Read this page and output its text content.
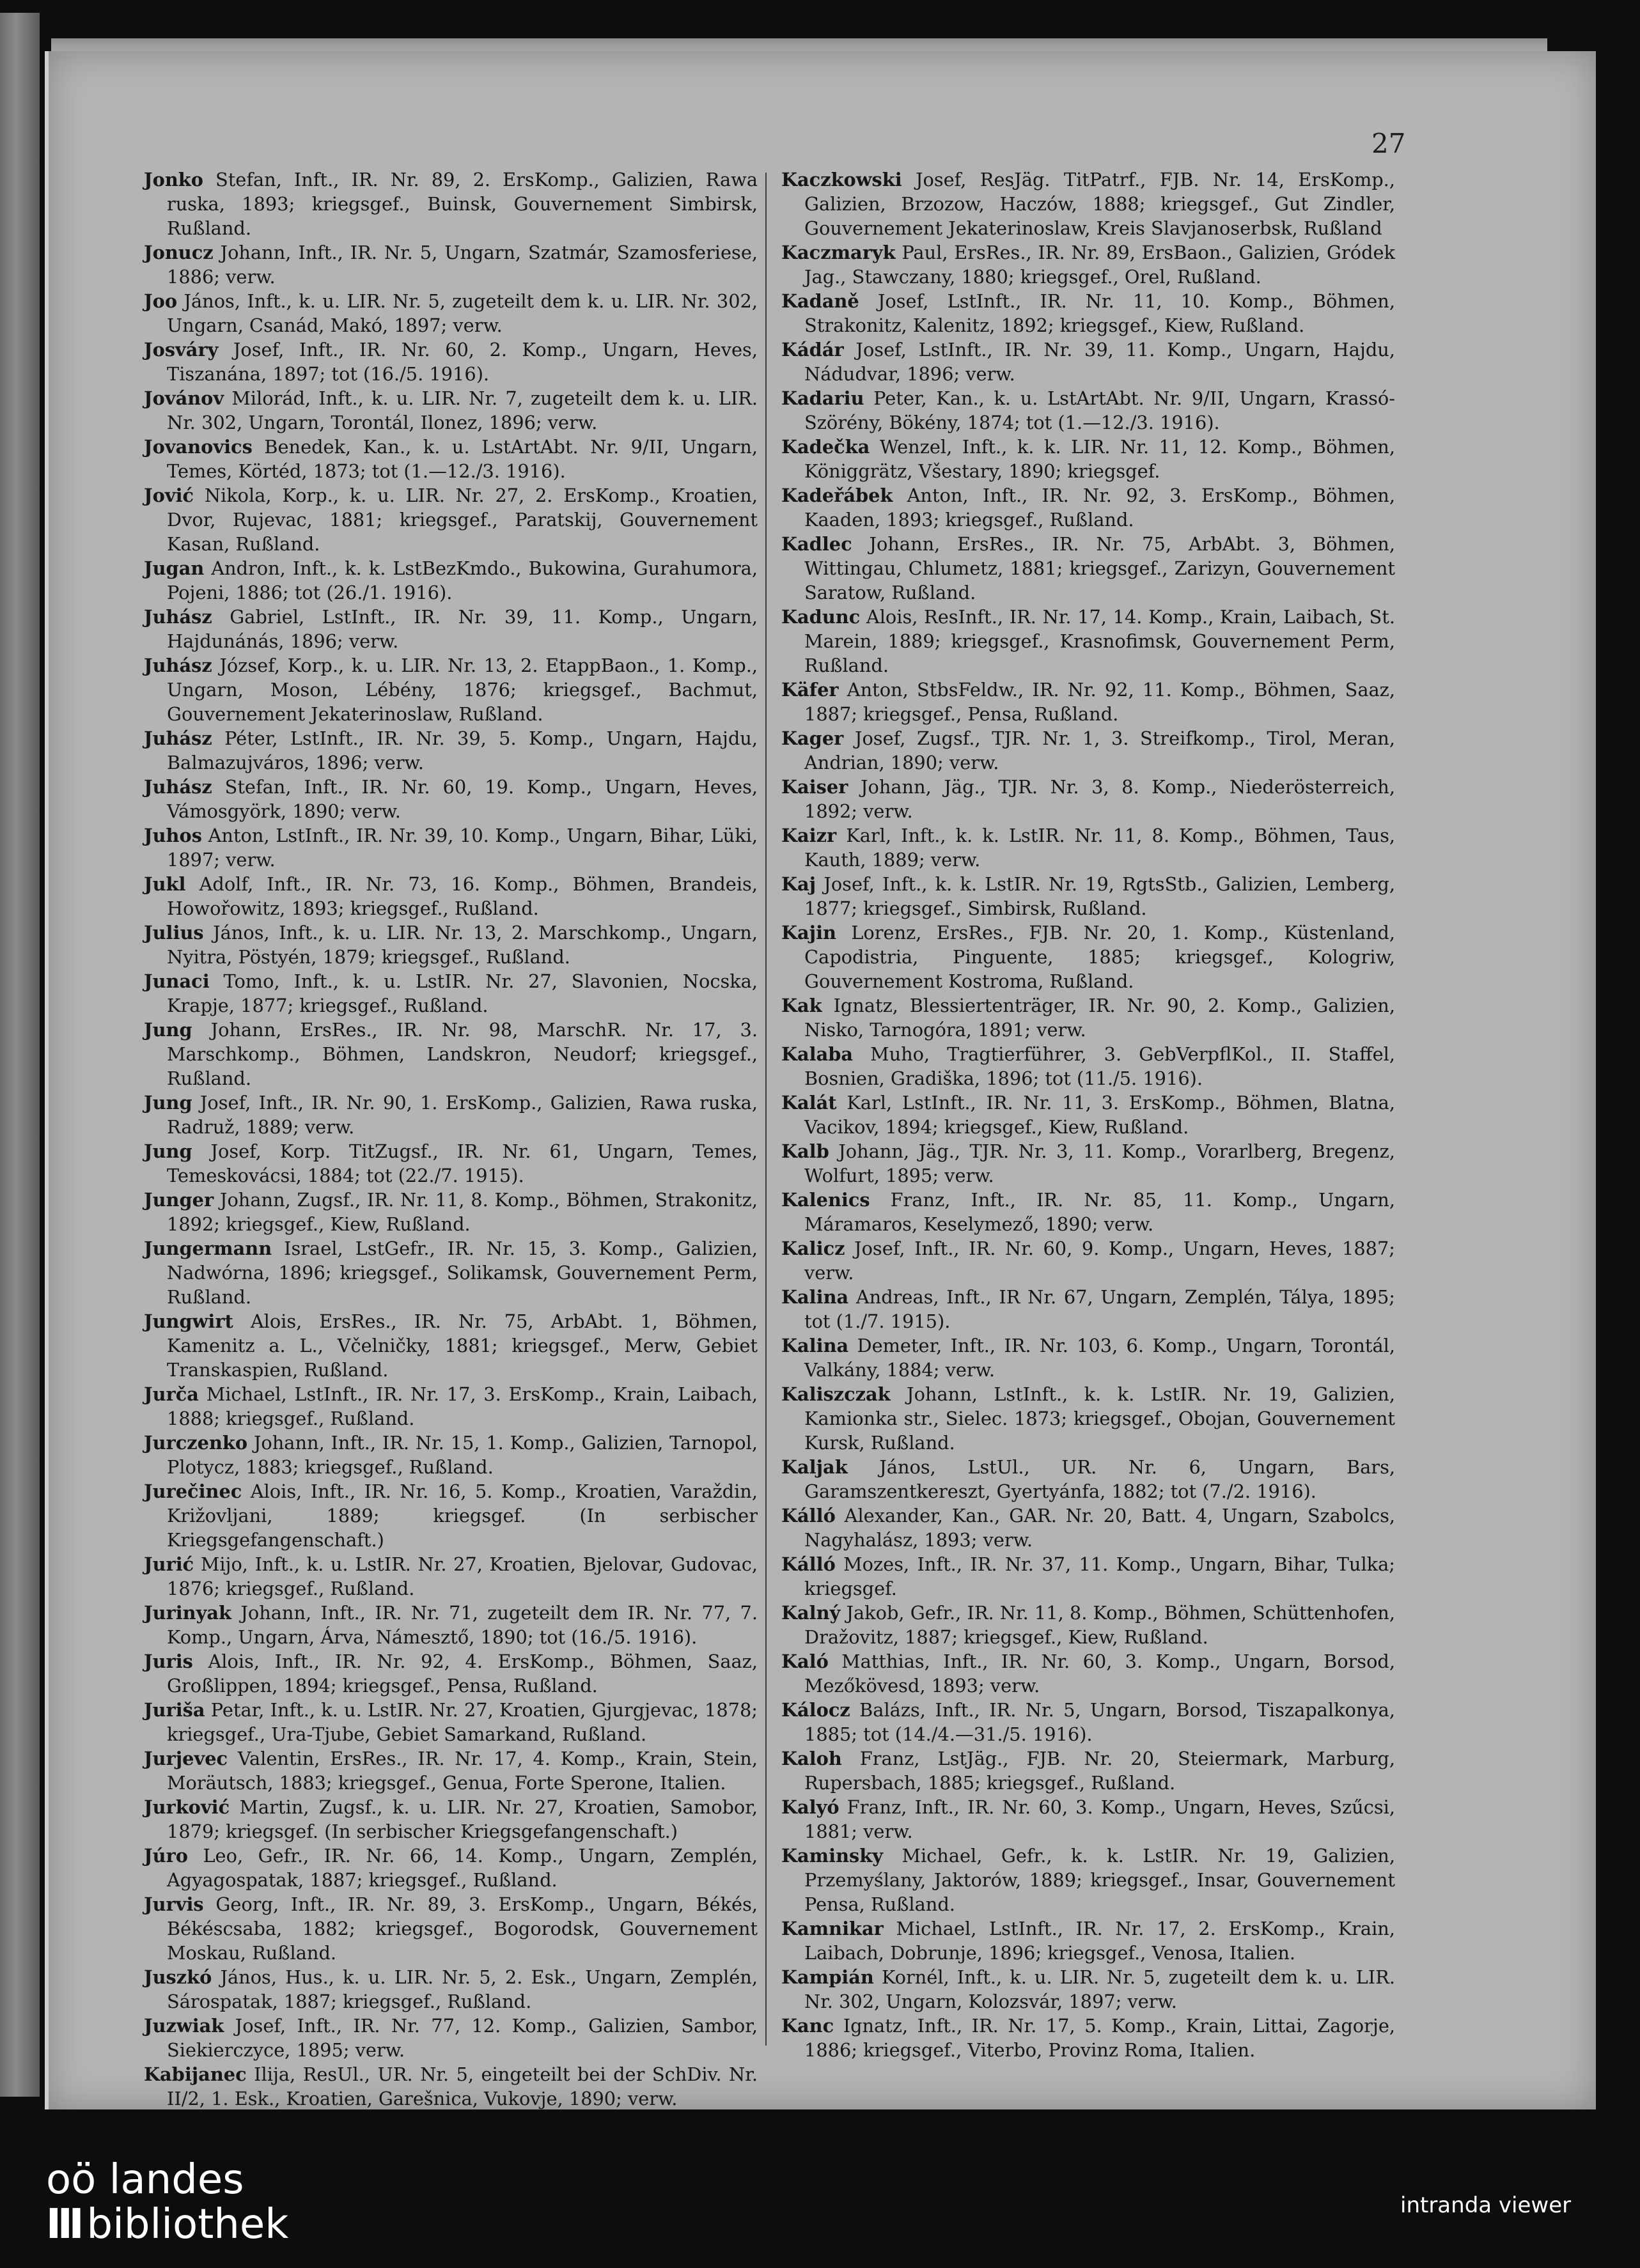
27

Jonko Stefan, Inft., IR. Nr. 89, 2. ErsKomp., Galizien, Rawa ruska, 1893; kriegsgef., Buinsk, Gouvernement Simbirsk, Rußland.

Jonucz Johann, Inft., IR. Nr. 5, Ungarn, Szatmár, Szamosferiese, 1886; verw.

Joo János, Inft., k. u. LIR. Nr. 5, zugeteilt dem k. u. LIR. Nr. 302, Ungarn, Csanád, Makó, 1897; verw.

Josváry Josef, Inft., IR. Nr. 60, 2. Komp., Ungarn, Heves, Tiszanána, 1897; tot (16./5. 1916).

Jovánov Milorád, Inft., k. u. LIR. Nr. 7, zugeteilt dem k. u. LIR. Nr. 302, Ungarn, Torontál, Ilonez, 1896; verw.

Jovanovics Benedek, Kan., k. u. LstArtAbt. Nr. 9/II, Ungarn, Temes, Körtéd, 1873; tot (1.—12./3. 1916).

Jović Nikola, Korp., k. u. LIR. Nr. 27, 2. ErsKomp., Kroatien, Dvor, Rujevac, 1881; kriegsgef., Paratskij, Gouvernement Kasan, Rußland.

Jugan Andron, Inft., k. k. LstBezKmdo., Bukowina, Gurahumora, Pojeni, 1886; tot (26./1. 1916).

Juhász Gabriel, LstInft., IR. Nr. 39, 11. Komp., Ungarn, Hajdunánás, 1896; verw.

Juhász József, Korp., k. u. LIR. Nr. 13, 2. EtappBaon., 1. Komp., Ungarn, Moson, Lébény, 1876; kriegsgef., Bachmut, Gouvernement Jekaterinoslaw, Rußland.

Juhász Péter, LstInft., IR. Nr. 39, 5. Komp., Ungarn, Hajdu, Balmazujváros, 1896; verw.

Juhász Stefan, Inft., IR. Nr. 60, 19. Komp., Ungarn, Heves, Vámosgyörk, 1890; verw.

Juhos Anton, LstInft., IR. Nr. 39, 10. Komp., Ungarn, Bihar, Lüki, 1897; verw.

Jukl Adolf, Inft., IR. Nr. 73, 16. Komp., Böhmen, Brandeis, Howořowitz, 1893; kriegsgef., Rußland.

Julius János, Inft., k. u. LIR. Nr. 13, 2. Marschkomp., Ungarn, Nyitra, Pöstyén, 1879; kriegsgef., Rußland.

Junaci Tomo, Inft., k. u. LstIR. Nr. 27, Slavonien, Nocska, Krapje, 1877; kriegsgef., Rußland.

Jung Johann, ErsRes., IR. Nr. 98, MarschR. Nr. 17, 3. Marschkomp., Böhmen, Landskron, Neudorf; kriegsgef., Rußland.

Jung Josef, Inft., IR. Nr. 90, 1. ErsKomp., Galizien, Rawa ruska, Radruž, 1889; verw.

Jung Josef, Korp. TitZugsf., IR. Nr. 61, Ungarn, Temes, Temeskovácsi, 1884; tot (22./7. 1915).

Junger Johann, Zugsf., IR. Nr. 11, 8. Komp., Böhmen, Strakonitz, 1892; kriegsgef., Kiew, Rußland.

Jungermann Israel, LstGefr., IR. Nr. 15, 3. Komp., Galizien, Nadwórna, 1896; kriegsgef., Solikamsk, Gouvernement Perm, Rußland.

Jungwirt Alois, ErsRes., IR. Nr. 75, ArbAbt. 1, Böhmen, Kamenitz a. L., Včelničky, 1881; kriegsgef., Merw, Gebiet Transkaspien, Rußland.

Jurča Michael, LstInft., IR. Nr. 17, 3. ErsKomp., Krain, Laibach, 1888; kriegsgef., Rußland.

Jurczenko Johann, Inft., IR. Nr. 15, 1. Komp., Galizien, Tarnopol, Plotycz, 1883; kriegsgef., Rußland.

Jurečinec Alois, Inft., IR. Nr. 16, 5. Komp., Kroatien, Varaždin, Križovljani, 1889; kriegsgef. (In serbischer Kriegsgefangenschaft.)

Jurić Mijo, Inft., k. u. LstIR. Nr. 27, Kroatien, Bjelovar, Gudovac, 1876; kriegsgef., Rußland.

Jurinyak Johann, Inft., IR. Nr. 71, zugeteilt dem IR. Nr. 77, 7. Komp., Ungarn, Árva, Námesztő, 1890; tot (16./5. 1916).

Juris Alois, Inft., IR. Nr. 92, 4. ErsKomp., Böhmen, Saaz, Großlippen, 1894; kriegsgef., Pensa, Rußland.

Juriša Petar, Inft., k. u. LstIR. Nr. 27, Kroatien, Gjurgjevac, 1878; kriegsgef., Ura-Tjube, Gebiet Samarkand, Rußland.

Jurjevec Valentin, ErsRes., IR. Nr. 17, 4. Komp., Krain, Stein, Moräutsch, 1883; kriegsgef., Genua, Forte Sperone, Italien.

Jurković Martin, Zugsf., k. u. LIR. Nr. 27, Kroatien, Samobor, 1879; kriegsgef. (In serbischer Kriegsgefangenschaft.)

Júro Leo, Gefr., IR. Nr. 66, 14. Komp., Ungarn, Zemplén, Agyagospatak, 1887; kriegsgef., Rußland.

Jurvis Georg, Inft., IR. Nr. 89, 3. ErsKomp., Ungarn, Békés, Békéscsaba, 1882; kriegsgef., Bogorodsk, Gouvernement Moskau, Rußland.

Juszkó János, Hus., k. u. LIR. Nr. 5, 2. Esk., Ungarn, Zemplén, Sárospatak, 1887; kriegsgef., Rußland.

Juzwiak Josef, Inft., IR. Nr. 77, 12. Komp., Galizien, Sambor, Siekierczyce, 1895; verw.

Kabijanec Ilija, ResUl., UR. Nr. 5, eingeteilt bei der SchDiv. Nr. II/2, 1. Esk., Kroatien, Garešnica, Vukovje, 1890; verw.

Kaczkowski Josef, ResJäg. TitPatrf., FJB. Nr. 14, ErsKomp., Galizien, Brzozow, Haczów, 1888; kriegsgef., Gut Zindler, Gouvernement Jekaterinoslaw, Kreis Slavjanoserbsk, Rußland

Kaczmaryk Paul, ErsRes., IR. Nr. 89, ErsBaon., Galizien, Gródek Jag., Stawczany, 1880; kriegsgef., Orel, Rußland.

Kadaně Josef, LstInft., IR. Nr. 11, 10. Komp., Böhmen, Strakonitz, Kalenitz, 1892; kriegsgef., Kiew, Rußland.

Kádár Josef, LstInft., IR. Nr. 39, 11. Komp., Ungarn, Hajdu, Nádudvar, 1896; verw.

Kadariu Peter, Kan., k. u. LstArtAbt. Nr. 9/II, Ungarn, Krassó-Szörény, Bökény, 1874; tot (1.—12./3. 1916).

Kadečka Wenzel, Inft., k. k. LIR. Nr. 11, 12. Komp., Böhmen, Königgrätz, Všestary, 1890; kriegsgef.

Kadeřábek Anton, Inft., IR. Nr. 92, 3. ErsKomp., Böhmen, Kaaden, 1893; kriegsgef., Rußland.

Kadlec Johann, ErsRes., IR. Nr. 75, ArbAbt. 3, Böhmen, Wittingau, Chlumetz, 1881; kriegsgef., Zarizyn, Gouvernement Saratow, Rußland.

Kadunc Alois, ResInft., IR. Nr. 17, 14. Komp., Krain, Laibach, St. Marein, 1889; kriegsgef., Krasnofimsk, Gouvernement Perm, Rußland.

Käfer Anton, StbsFeldw., IR. Nr. 92, 11. Komp., Böhmen, Saaz, 1887; kriegsgef., Pensa, Rußland.

Kager Josef, Zugsf., TJR. Nr. 1, 3. Streifkomp., Tirol, Meran, Andrian, 1890; verw.

Kaiser Johann, Jäg., TJR. Nr. 3, 8. Komp., Niederösterreich, 1892; verw.

Kaizr Karl, Inft., k. k. LstIR. Nr. 11, 8. Komp., Böhmen, Taus, Kauth, 1889; verw.

Kaj Josef, Inft., k. k. LstIR. Nr. 19, RgtsStb., Galizien, Lemberg, 1877; kriegsgef., Simbirsk, Rußland.

Kajin Lorenz, ErsRes., FJB. Nr. 20, 1. Komp., Küstenland, Capodistria, Pinguente, 1885; kriegsgef., Kologriw, Gouvernement Kostroma, Rußland.

Kak Ignatz, Blessiertenträger, IR. Nr. 90, 2. Komp., Galizien, Nisko, Tarnogóra, 1891; verw.

Kalaba Muho, Tragtierführer, 3. GebVerpflKol., II. Staffel, Bosnien, Gradiška, 1896; tot (11./5. 1916).

Kalát Karl, LstInft., IR. Nr. 11, 3. ErsKomp., Böhmen, Blatna, Vacikov, 1894; kriegsgef., Kiew, Rußland.

Kalb Johann, Jäg., TJR. Nr. 3, 11. Komp., Vorarlberg, Bregenz, Wolfurt, 1895; verw.

Kalenics Franz, Inft., IR. Nr. 85, 11. Komp., Ungarn, Máramaros, Keselymező, 1890; verw.

Kalicz Josef, Inft., IR. Nr. 60, 9. Komp., Ungarn, Heves, 1887; verw.

Kalina Andreas, Inft., IR Nr. 67, Ungarn, Zemplén, Tálya, 1895; tot (1./7. 1915).

Kalina Demeter, Inft., IR. Nr. 103, 6. Komp., Ungarn, Torontál, Valkány, 1884; verw.

Kaliszczak Johann, LstInft., k. k. LstIR. Nr. 19, Galizien, Kamionka str., Sielec. 1873; kriegsgef., Obojan, Gouvernement Kursk, Rußland.

Kaljak János, LstUl., UR. Nr. 6, Ungarn, Bars, Garamszentkereszt, Gyertyánfa, 1882; tot (7./2. 1916).

Kálló Alexander, Kan., GAR. Nr. 20, Batt. 4, Ungarn, Szabolcs, Nagyhalász, 1893; verw.

Kálló Mozes, Inft., IR. Nr. 37, 11. Komp., Ungarn, Bihar, Tulka; kriegsgef.

Kalný Jakob, Gefr., IR. Nr. 11, 8. Komp., Böhmen, Schüttenhofen, Dražovitz, 1887; kriegsgef., Kiew, Rußland.

Kaló Matthias, Inft., IR. Nr. 60, 3. Komp., Ungarn, Borsod, Mezőkövesd, 1893; verw.

Kálocz Balázs, Inft., IR. Nr. 5, Ungarn, Borsod, Tiszapalkonya, 1885; tot (14./4.—31./5. 1916).

Kaloh Franz, LstJäg., FJB. Nr. 20, Steiermark, Marburg, Rupersbach, 1885; kriegsgef., Rußland.

Kalyó Franz, Inft., IR. Nr. 60, 3. Komp., Ungarn, Heves, Szűcsi, 1881; verw.

Kaminsky Michael, Gefr., k. k. LstIR. Nr. 19, Galizien, Przemyślany, Jaktorów, 1889; kriegsgef., Insar, Gouvernement Pensa, Rußland.

Kamnikar Michael, LstInft., IR. Nr. 17, 2. ErsKomp., Krain, Laibach, Dobrunje, 1896; kriegsgef., Venosa, Italien.

Kampián Kornél, Inft., k. u. LIR. Nr. 5, zugeteilt dem k. u. LIR. Nr. 302, Ungarn, Kolozsvár, 1897; verw.

Kanc Ignatz, Inft., IR. Nr. 17, 5. Komp., Krain, Littai, Zagorje, 1886; kriegsgef., Viterbo, Provinz Roma, Italien.

oö landes
III bibliothek	intranda viewer
